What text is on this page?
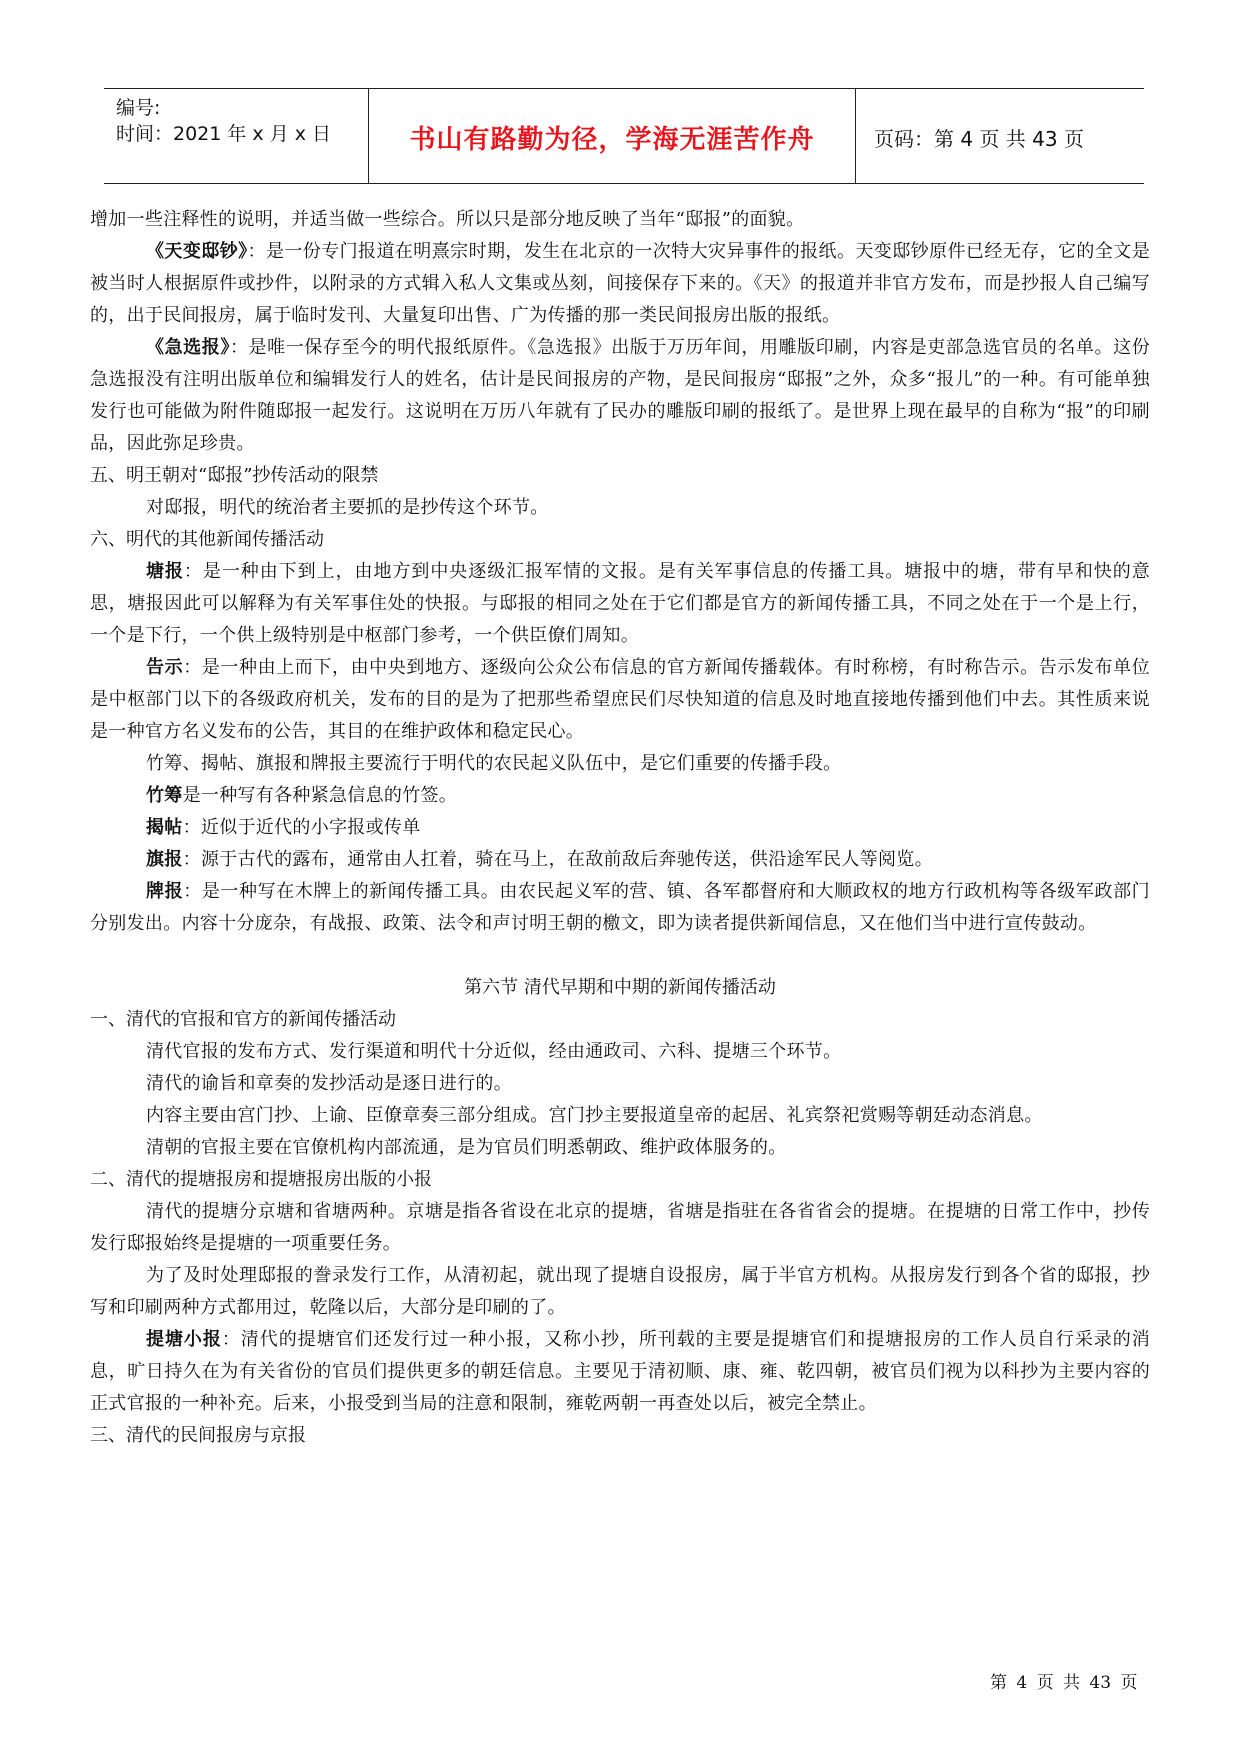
编号:
时间：2021 年 x 月 x 日	书山有路勤为径，学海无涯苦作舟	页码：第 4 页 共 43 页

增加一些注释性的说明，并适当做一些综合。所以只是部分地反映了当年“邸报”的面貌。

《天变邸钞》：是一份专门报道在明熹宗时期，发生在北京的一次特大灾异事件的报纸。天变邸钞原件已经无存，它的全文是被当时人根据原件或抄件，以附录的方式辑入私人文集或丛刻，间接保存下来的。《天》的报道并非官方发布，而是抄报人自己编写的，出于民间报房，属于临时发刊、大量复印出售、广为传播的那一类民间报房出版的报纸。

《急选报》：是唯一保存至今的明代报纸原件。《急选报》出版于万历年间，用雕版印刷，内容是吏部急选官员的名单。这份急选报没有注明出版单位和编辑发行人的姓名，估计是民间报房的产物，是民间报房“邸报”之外，众多“报儿”的一种。有可能单独发行也可能做为附件随邸报一起发行。这说明在万历八年就有了民办的雕版印刷的报纸了。是世界上现在最早的自称为“报”的印刷品，因此弥足珍贵。

五、明王朝对“邸报”抄传活动的限禁

对邸报，明代的统治者主要抓的是抄传这个环节。

六、明代的其他新闻传播活动

塘报：是一种由下到上，由地方到中央逐级汇报军情的文报。是有关军事信息的传播工具。塘报中的塘，带有早和快的意思，塘报因此可以解释为有关军事住处的快报。与邸报的相同之处在于它们都是官方的新闻传播工具，不同之处在于一个是上行，一个是下行，一个供上级特别是中枢部门参考，一个供臣僚们周知。

告示：是一种由上而下，由中央到地方、逐级向公众公布信息的官方新闻传播载体。有时称榜，有时称告示。告示发布单位是中枢部门以下的各级政府机关，发布的目的是为了把那些希望庶民们尽快知道的信息及时地直接地传播到他们中去。其性质来说是一种官方名义发布的公告，其目的在维护政体和稳定民心。

竹筹、揭帖、旗报和牌报主要流行于明代的农民起义队伍中，是它们重要的传播手段。

竹筹是一种写有各种紧急信息的竹签。

揭帖：近似于近代的小字报或传单

旗报：源于古代的露布，通常由人扛着，骑在马上，在敌前敌后奔驰传送，供沿途军民人等阅览。

牌报：是一种写在木牌上的新闻传播工具。由农民起义军的营、镇、各军都督府和大顺政权的地方行政机构等各级军政部门分别发出。内容十分庞杂，有战报、政策、法令和声讨明王朝的檄文，即为读者提供新闻信息，又在他们当中进行宣传鼓动。

第六节 清代早期和中期的新闻传播活动

一、清代的官报和官方的新闻传播活动

清代官报的发布方式、发行渠道和明代十分近似，经由通政司、六科、提塘三个环节。

清代的谕旨和章奏的发抄活动是逐日进行的。

内容主要由宫门抄、上谕、臣僚章奏三部分组成。宫门抄主要报道皇帝的起居、礼宾祭祀赏赐等朝廷动态消息。

清朝的官报主要在官僚机构内部流通，是为官员们明悉朝政、维护政体服务的。

二、清代的提塘报房和提塘报房出版的小报

清代的提塘分京塘和省塘两种。京塘是指各省设在北京的提塘，省塘是指驻在各省省会的提塘。在提塘的日常工作中，抄传发行邸报始终是提塘的一项重要任务。

为了及时处理邸报的誊录发行工作，从清初起，就出现了提塘自设报房，属于半官方机构。从报房发行到各个省的邸报，抄写和印刷两种方式都用过，乾隆以后，大部分是印刷的了。

提塘小报：清代的提塘官们还发行过一种小报，又称小抄，所刊载的主要是提塘官们和提塘报房的工作人员自行采录的消息，旷日持久在为有关省份的官员们提供更多的朝廷信息。主要见于清初顺、康、雍、乾四朝，被官员们视为以科抄为主要内容的正式官报的一种补充。后来，小报受到当局的注意和限制，雍乾两朝一再查处以后，被完全禁止。

三、清代的民间报房与京报

第 4 页 共 43 页
